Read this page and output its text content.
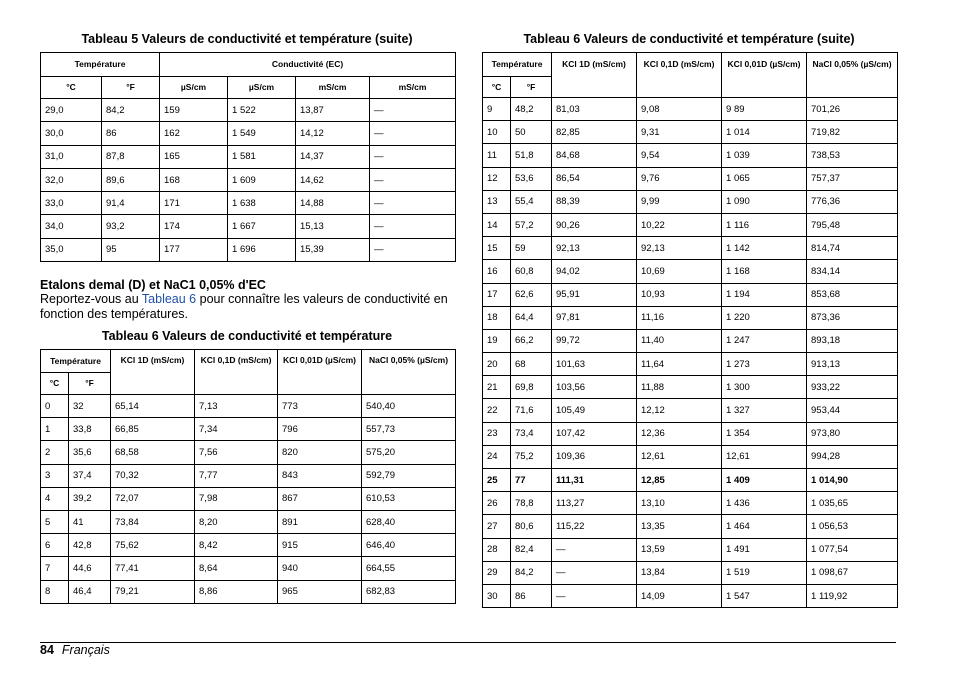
Tableau 5 Valeurs de conductivité et température (suite)
Température		Conductivité (EC)			
°C	°F	µS/cm	µS/cm	mS/cm	mS/cm
29,0	84,2	159	1 522	13,87	—
30,0	86	162	1 549	14,12	—
31,0	87,8	165	1 581	14,37	—
32,0	89,6	168	1 609	14,62	—
33,0	91,4	171	1 638	14,88	—
34,0	93,2	174	1 667	15,13	—
35,0	95	177	1 696	15,39	—
Etalons demal (D) et NaC1 0,05% d'EC
Reportez-vous au Tableau 6 pour connaître les valeurs de conductivité en fonction des températures.
Tableau 6 Valeurs de conductivité et température
Température		KCl 1D (mS/cm)	KCl 0,1D (mS/cm)	KCl 0,01D (µS/cm)	NaCl 0,05% (µS/cm)
°C	°F				
0	32	65,14	7,13	773	540,40
1	33,8	66,85	7,34	796	557,73
2	35,6	68,58	7,56	820	575,20
3	37,4	70,32	7,77	843	592,79
4	39,2	72,07	7,98	867	610,53
5	41	73,84	8,20	891	628,40
6	42,8	75,62	8,42	915	646,40
7	44,6	77,41	8,64	940	664,55
8	46,4	79,21	8,86	965	682,83
Tableau 6 Valeurs de conductivité et température (suite)
Température		KCl 1D (mS/cm)	KCl 0,1D (mS/cm)	KCl 0,01D (µS/cm)	NaCl 0,05% (µS/cm)
°C	°F				
9	48,2	81,03	9,08	9 89	701,26
10	50	82,85	9,31	1 014	719,82
11	51,8	84,68	9,54	1 039	738,53
12	53,6	86,54	9,76	1 065	757,37
13	55,4	88,39	9,99	1 090	776,36
14	57,2	90,26	10,22	1 116	795,48
15	59	92,13	92,13	1 142	814,74
16	60,8	94,02	10,69	1 168	834,14
17	62,6	95,91	10,93	1 194	853,68
18	64,4	97,81	11,16	1 220	873,36
19	66,2	99,72	11,40	1 247	893,18
20	68	101,63	11,64	1 273	913,13
21	69,8	103,56	11,88	1 300	933,22
22	71,6	105,49	12,12	1 327	953,44
23	73,4	107,42	12,36	1 354	973,80
24	75,2	109,36	12,61	12,61	994,28
25	77	111,31	12,85	1 409	1 014,90
26	78,8	113,27	13,10	1 436	1 035,65
27	80,6	115,22	13,35	1 464	1 056,53
28	82,4	—	13,59	1 491	1 077,54
29	84,2	—	13,84	1 519	1 098,67
30	86	—	14,09	1 547	1 119,92
84 Français
